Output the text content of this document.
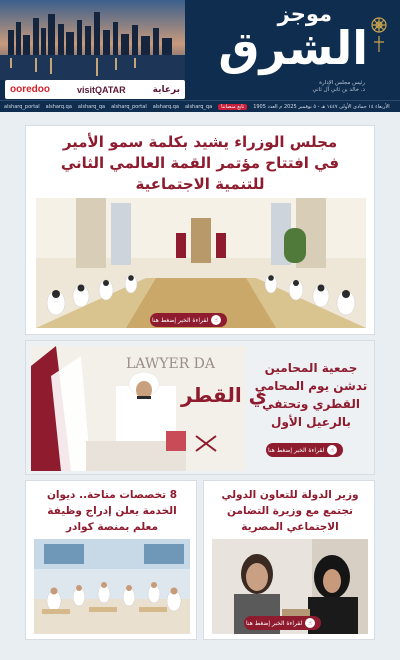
ooredoo	visitQATAR	برعاية
موجز
الشرق
رئيس مجلس الإدارة
د. خالد بن ثاني آل ثاني
alsharq_portal alsharq.qa alsharq_qa alsharq_portal alsharq.qa alsharq_qa	تابع منصاتنا	الأربعاء ١٤ جمادى الأولى ١٤٤٧ هـ - ٥ نوفمبر 2025 م العدد 1905
مجلس الوزراء يشيد بكلمة سمو الأمير
في افتتاح مؤتمر القمة العالمي الثاني
للتنمية الاجتماعية
☝
لقراءة الخبر إضغط هنا
LAWYER DA
ي القطر
جمعية المحامين
تدشن يوم المحامي
القطري وتحتفي
بالرعيل الأول
☝
لقراءة الخبر إضغط هنا
8 تخصصات متاحة.. ديوان
الخدمة يعلن إدراج وظيفة
معلم بمنصة كوادر
وزير الدولة للتعاون الدولي
تجتمع مع وزيرة التضامن
الاجتماعي المصرية
☝
لقراءة الخبر إضغط هنا
